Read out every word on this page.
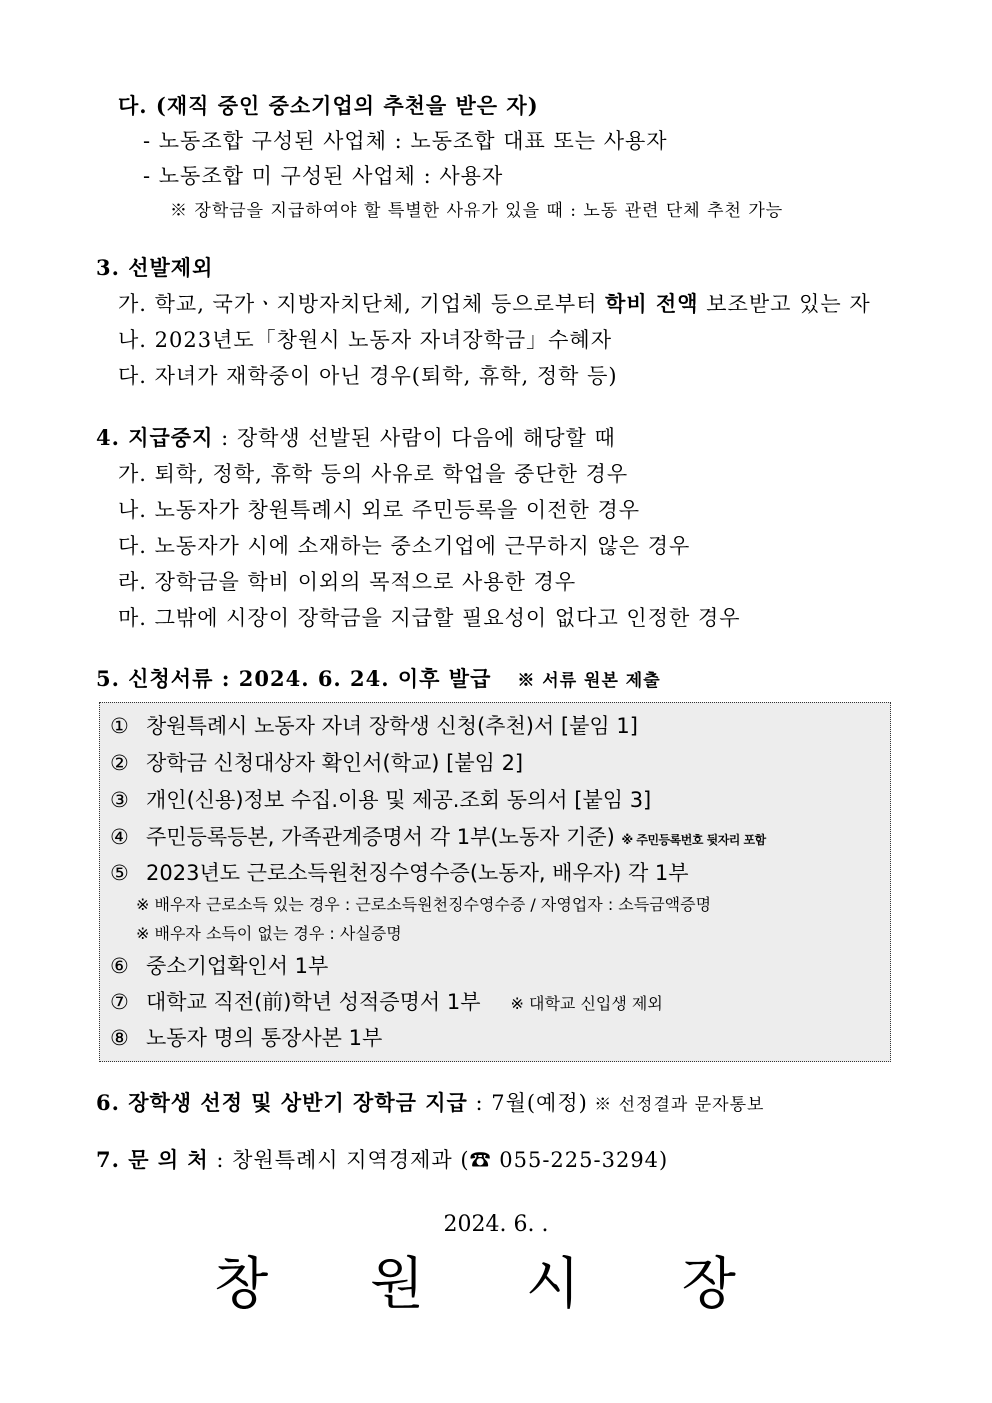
다. (재직 중인 중소기업의 추천을 받은 자)
- 노동조합 구성된 사업체 : 노동조합 대표 또는 사용자
- 노동조합 미 구성된 사업체 : 사용자
※ 장학금을 지급하여야 할 특별한 사유가 있을 때 : 노동 관련 단체 추천 가능
3. 선발제외
가. 학교, 국가ㆍ지방자치단체, 기업체 등으로부터 학비 전액 보조받고 있는 자
나. 2023년도「창원시 노동자 자녀장학금」수혜자
다. 자녀가 재학중이 아닌 경우(퇴학, 휴학, 정학 등)
4. 지급중지 : 장학생 선발된 사람이 다음에 해당할 때
가. 퇴학, 정학, 휴학 등의 사유로 학업을 중단한 경우
나. 노동자가 창원특례시 외로 주민등록을 이전한 경우
다. 노동자가 시에 소재하는 중소기업에 근무하지 않은 경우
라. 장학금을 학비 이외의 목적으로 사용한 경우
마. 그밖에 시장이 장학금을 지급할 필요성이 없다고 인정한 경우
5. 신청서류 : 2024. 6. 24. 이후 발급 ※ 서류 원본 제출
① 창원특례시 노동자 자녀 장학생 신청(추천)서 [붙임 1]
② 장학금 신청대상자 확인서(학교) [붙임 2]
③ 개인(신용)정보 수집.이용 및 제공.조회 동의서 [붙임 3]
④ 주민등록등본, 가족관계증명서 각 1부(노동자 기준) ※ 주민등록번호 뒷자리 포함
⑤ 2023년도 근로소득원천징수영수증(노동자, 배우자) 각 1부
※ 배우자 근로소득 있는 경우 : 근로소득원천징수영수증 / 자영업자 : 소득금액증명
※ 배우자 소득이 없는 경우 : 사실증명
⑥ 중소기업확인서 1부
⑦ 대학교 직전(前)학년 성적증명서 1부 ※ 대학교 신입생 제외
⑧ 노동자 명의 통장사본 1부
6. 장학생 선정 및 상반기 장학금 지급 : 7월(예정) ※ 선정결과 문자통보
7. 문 의 처 : 창원특례시 지역경제과 (☎ 055-225-3294)
2024. 6. .
창 원 시 장
